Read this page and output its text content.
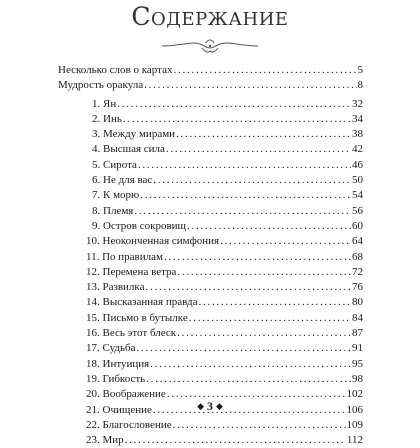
Содержание
Несколько слов о картах . . .	5
Мудрость оракула . . .	8
1. Ян . . .	32
2. Инь . . .	34
3. Между мирами . . .	38
4. Высшая сила . . .	42
5. Сирота . . .	46
6. Не для вас . . .	50
7. К морю . . .	54
8. Племя . . .	56
9. Остров сокровищ . . .	60
10. Неоконченная симфония . . .	64
11. По правилам . . .	68
12. Перемена ветра . . .	72
13. Развилка . . .	76
14. Высказанная правда . . .	80
15. Письмо в бутылке . . .	84
16. Весь этот блеск . . .	87
17. Судьба . . .	91
18. Интуиция . . .	95
19. Гибкость . . .	98
20. Воображение . . .	102
21. Очищение . . .	106
22. Благословение . . .	109
23. Мир . . .	112
◆ 3 ◆
